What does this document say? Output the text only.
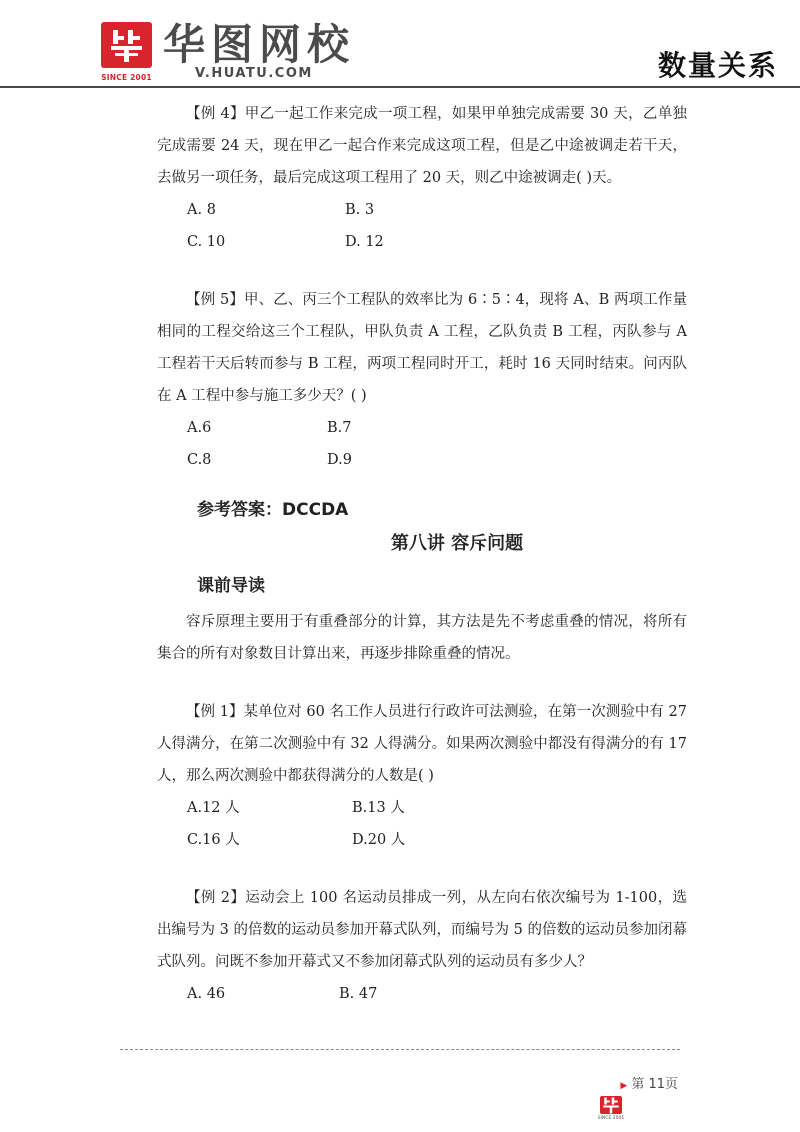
SINCE 2001
华图网校
V.HUATU.COM	数量关系

【例 4】甲乙一起工作来完成一项工程，如果甲单独完成需要 30 天，乙单独完成需要 24 天，现在甲乙一起合作来完成这项工程，但是乙中途被调走若干天，去做另一项任务，最后完成这项工程用了 20 天，则乙中途被调走( )天。

A. 8	B. 3
C. 10	D. 12

【例 5】甲、乙、丙三个工程队的效率比为 6∶5∶4，现将 A、B 两项工作量相同的工程交给这三个工程队，甲队负责 A 工程，乙队负责 B 工程，丙队参与 A 工程若干天后转而参与 B 工程，两项工程同时开工，耗时 16 天同时结束。问丙队在 A 工程中参与施工多少天？( )

A.6	B.7
C.8	D.9
参考答案：DCCDA
第八讲 容斥问题
课前导读

容斥原理主要用于有重叠部分的计算，其方法是先不考虑重叠的情况，将所有集合的所有对象数目计算出来，再逐步排除重叠的情况。

【例 1】某单位对 60 名工作人员进行行政许可法测验，在第一次测验中有 27 人得满分，在第二次测验中有 32 人得满分。如果两次测验中都没有得满分的有 17 人，那么两次测验中都获得满分的人数是( )

A.12 人	B.13 人
C.16 人	D.20 人

【例 2】运动会上 100 名运动员排成一列，从左向右依次编号为 1-100，选出编号为 3 的倍数的运动员参加开幕式队列，而编号为 5 的倍数的运动员参加闭幕式队列。问既不参加开幕式又不参加闭幕式队列的运动员有多少人？

A. 46	B. 47
▶ 第 11页
SINCE 2001
